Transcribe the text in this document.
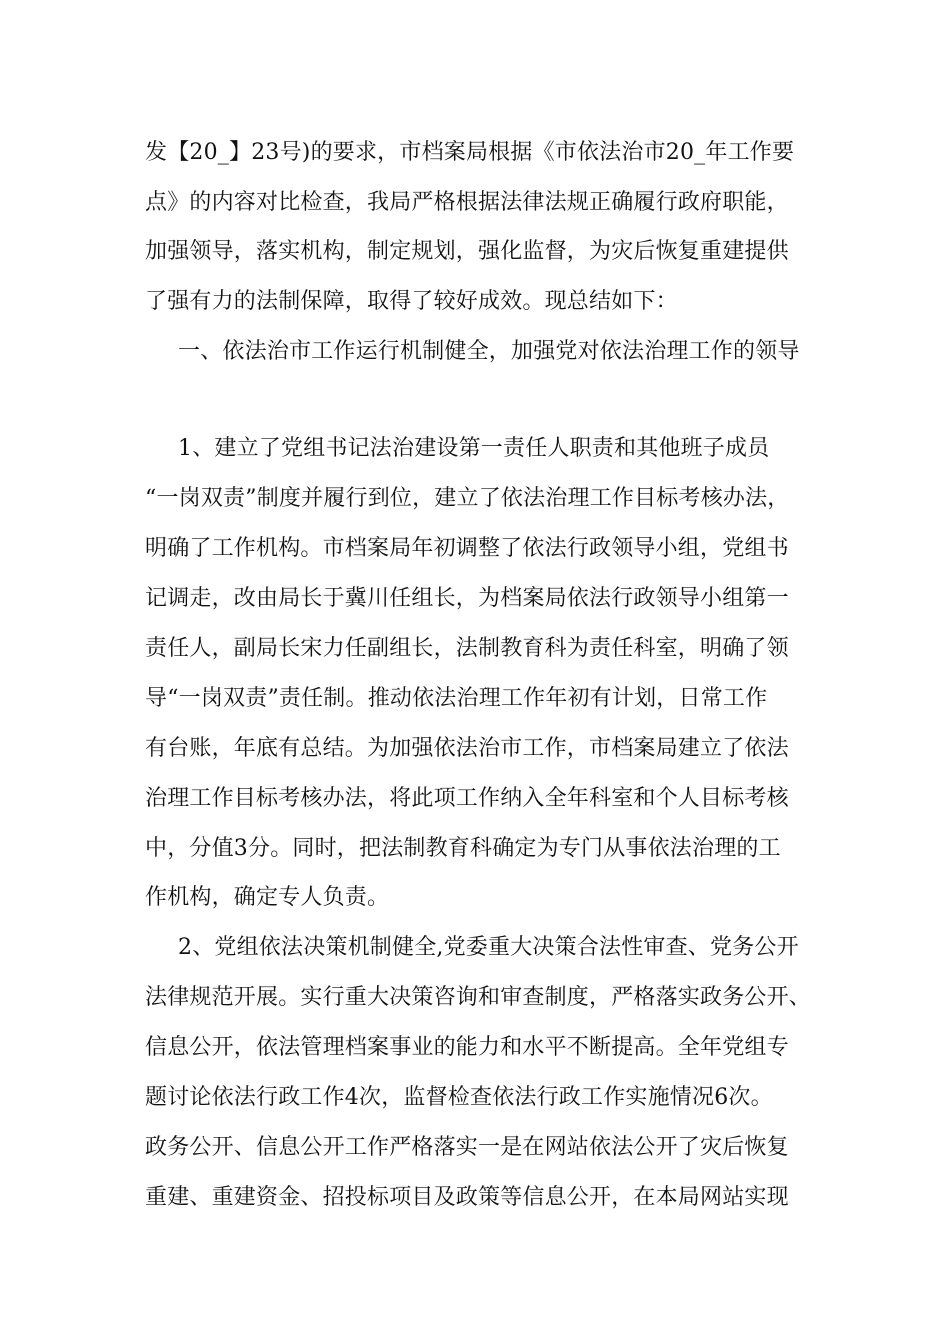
发【20_】23号)的要求，市档案局根据《市依法治市20_年工作要
点》的内容对比检查，我局严格根据法律法规正确履行政府职能，
加强领导，落实机构，制定规划，强化监督，为灾后恢复重建提供
了强有力的法制保障，取得了较好成效。现总结如下：
一、依法治市工作运行机制健全，加强党对依法治理工作的领导
1、建立了党组书记法治建设第一责任人职责和其他班子成员
“一岗双责”制度并履行到位，建立了依法治理工作目标考核办法，
明确了工作机构。市档案局年初调整了依法行政领导小组，党组书
记调走，改由局长于冀川任组长，为档案局依法行政领导小组第一
责任人，副局长宋力任副组长，法制教育科为责任科室，明确了领
导“一岗双责”责任制。推动依法治理工作年初有计划，日常工作
有台账，年底有总结。为加强依法治市工作，市档案局建立了依法
治理工作目标考核办法，将此项工作纳入全年科室和个人目标考核
中，分值3分。同时，把法制教育科确定为专门从事依法治理的工
作机构，确定专人负责。
2、党组依法决策机制健全,党委重大决策合法性审查、党务公开
法律规范开展。实行重大决策咨询和审查制度，严格落实政务公开、
信息公开，依法管理档案事业的能力和水平不断提高。全年党组专
题讨论依法行政工作4次，监督检查依法行政工作实施情况6次。
政务公开、信息公开工作严格落实一是在网站依法公开了灾后恢复
重建、重建资金、招投标项目及政策等信息公开，在本局网站实现
